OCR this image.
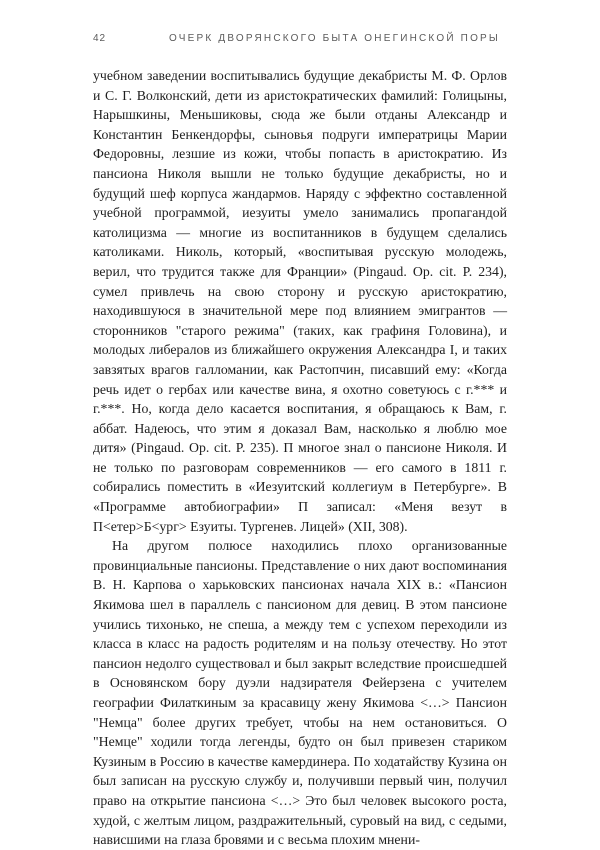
42	ОЧЕРК ДВОРЯНСКОГО БЫТА ОНЕГИНСКОЙ ПОРЫ

учебном заведении воспитывались будущие декабристы М. Ф. Орлов и С. Г. Волконский, дети из аристократических фамилий: Голицыны, Нарышкины, Меньшиковы, сюда же были отданы Александр и Константин Бенкендорфы, сыновья подруги императрицы Марии Федоровны, лезшие из кожи, чтобы попасть в аристократию. Из пансиона Николя вышли не только будущие декабристы, но и будущий шеф корпуса жандармов. Наряду с эффектно составленной учебной программой, иезуиты умело занимались пропагандой католицизма — многие из воспитанников в будущем сделались католиками. Николь, который, «воспитывая русскую молодежь, верил, что трудится также для Франции» (Pingaud. Op. cit. P. 234), сумел привлечь на свою сторону и русскую аристократию, находившуюся в значительной мере под влиянием эмигрантов — сторонников "старого режима" (таких, как графиня Головина), и молодых либералов из ближайшего окружения Александра I, и таких завзятых врагов галломании, как Растопчин, писавший ему: «Когда речь идет о гербах или качестве вина, я охотно советуюсь с г.*** и г.***. Но, когда дело касается воспитания, я обращаюсь к Вам, г. аббат. Надеюсь, что этим я доказал Вам, насколько я люблю мое дитя» (Pingaud. Op. cit. P. 235). П многое знал о пансионе Николя. И не только по разговорам современников — его самого в 1811 г. собирались поместить в «Иезуитский коллегиум в Петербурге». В «Программе автобиографии» П записал: «Меня везут в П<етер>Б<ург> Езуиты. Тургенев. Лицей» (XII, 308).

На другом полюсе находились плохо организованные провинциальные пансионы. Представление о них дают воспоминания В. Н. Карпова о харьковских пансионах начала XIX в.: «Пансион Якимова шел в параллель с пансионом для девиц. В этом пансионе учились тихонько, не спеша, а между тем с успехом переходили из класса в класс на радость родителям и на пользу отечеству. Но этот пансион недолго существовал и был закрыт вследствие происшедшей в Основянском бору дуэли надзирателя Фейерзена с учителем географии Филаткиным за красавицу жену Якимова <…> Пансион "Немца" более других требует, чтобы на нем остановиться. О "Немце" ходили тогда легенды, будто он был привезен стариком Кузиным в Россию в качестве камердинера. По ходатайству Кузина он был записан на русскую службу и, получивши первый чин, получил право на открытие пансиона <…> Это был человек высокого роста, худой, с желтым лицом, раздражительный, суровый на вид, с седыми, нависшими на глаза бровями и с весьма плохим мнени-
